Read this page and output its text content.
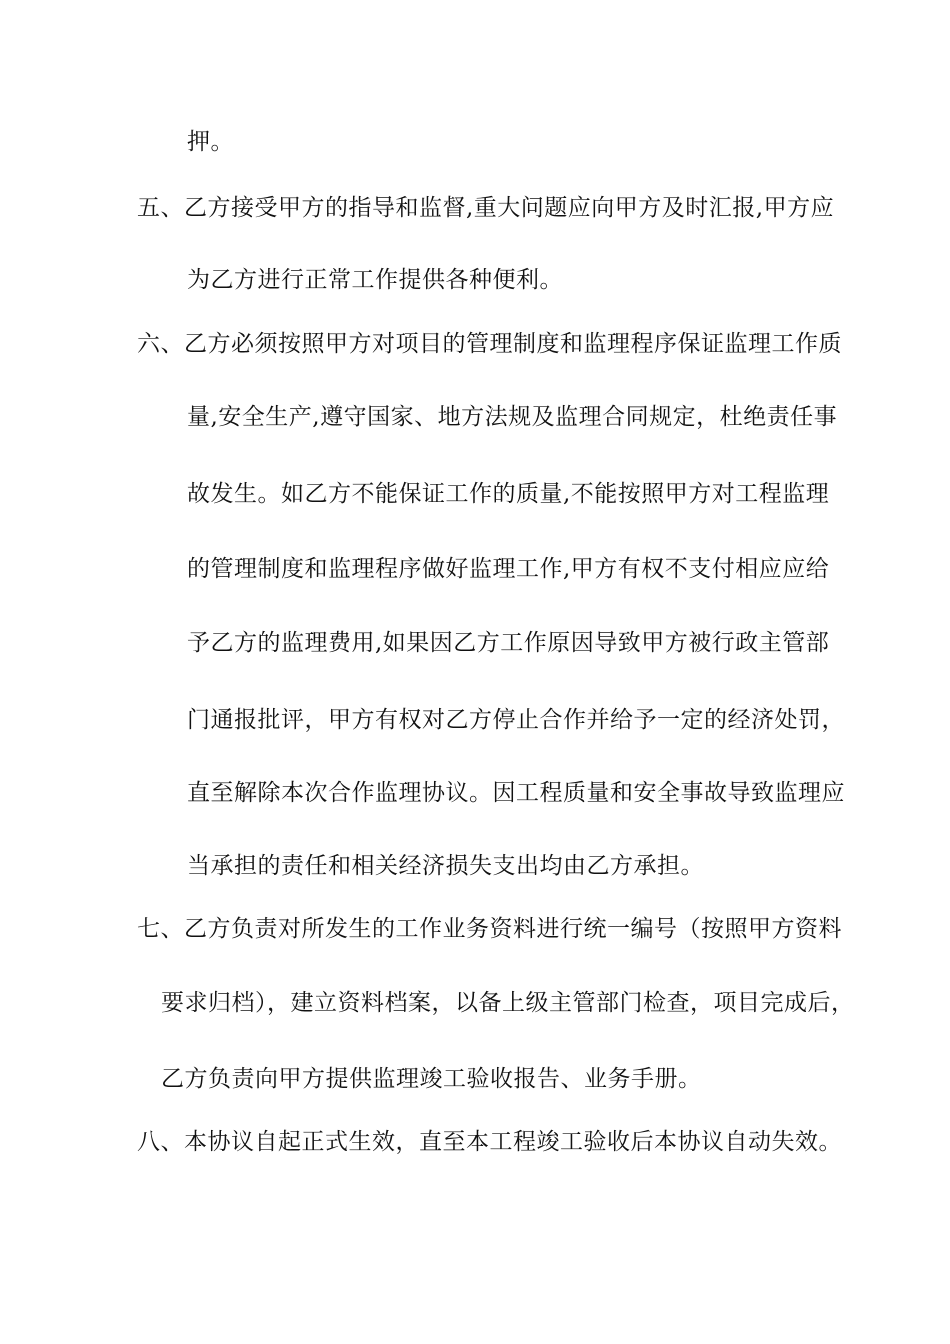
押。
五、乙方接受甲方的指导和监督,重大问题应向甲方及时汇报,甲方应
为乙方进行正常工作提供各种便利。
六、乙方必须按照甲方对项目的管理制度和监理程序保证监理工作质
量,安全生产,遵守国家、地方法规及监理合同规定，杜绝责任事
故发生。如乙方不能保证工作的质量,不能按照甲方对工程监理
的管理制度和监理程序做好监理工作,甲方有权不支付相应应给
予乙方的监理费用,如果因乙方工作原因导致甲方被行政主管部
门通报批评，甲方有权对乙方停止合作并给予一定的经济处罚，
直至解除本次合作监理协议。因工程质量和安全事故导致监理应
当承担的责任和相关经济损失支出均由乙方承担。
七、乙方负责对所发生的工作业务资料进行统一编号（按照甲方资料
要求归档），建立资料档案，以备上级主管部门检查，项目完成后，
乙方负责向甲方提供监理竣工验收报告、业务手册。
八、本协议自起正式生效，直至本工程竣工验收后本协议自动失效。
